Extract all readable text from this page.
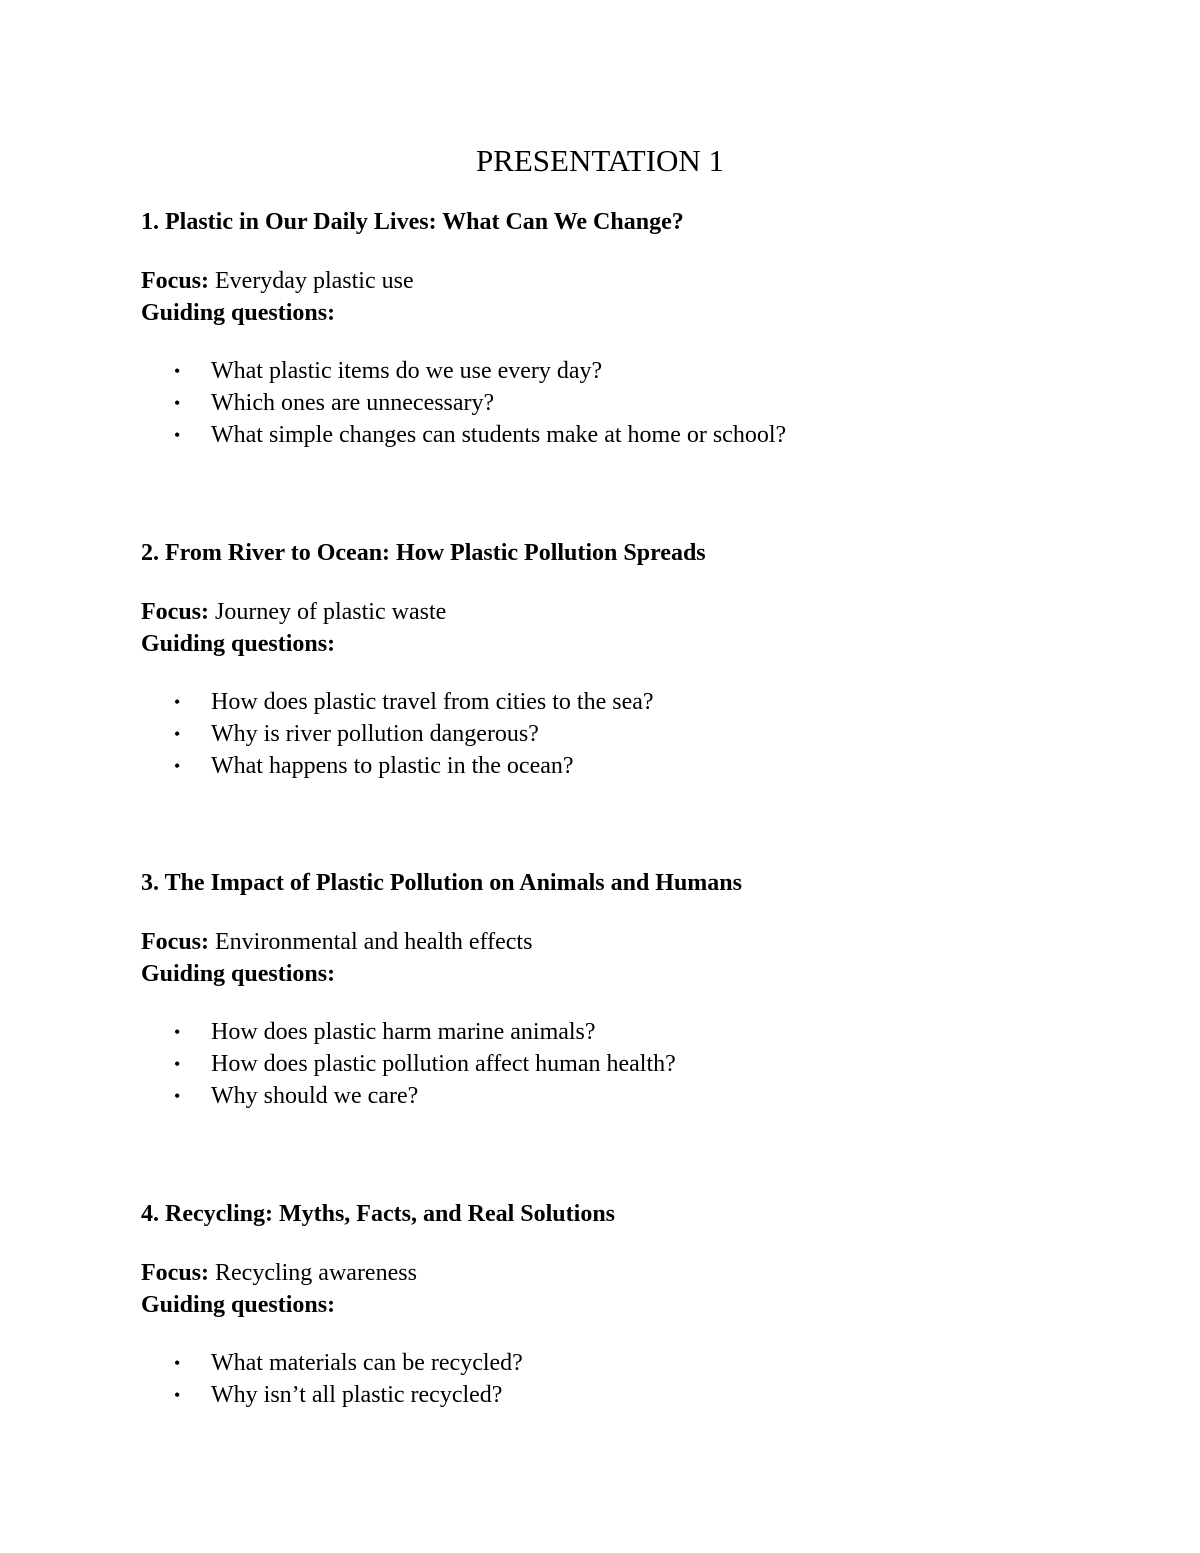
PRESENTATION 1

1. Plastic in Our Daily Lives: What Can We Change?

Focus: Everyday plastic use

Guiding questions:

• What plastic items do we use every day?
• Which ones are unnecessary?
• What simple changes can students make at home or school?

2. From River to Ocean: How Plastic Pollution Spreads

Focus: Journey of plastic waste

Guiding questions:

• How does plastic travel from cities to the sea?
• Why is river pollution dangerous?
• What happens to plastic in the ocean?

3. The Impact of Plastic Pollution on Animals and Humans

Focus: Environmental and health effects

Guiding questions:

• How does plastic harm marine animals?
• How does plastic pollution affect human health?
• Why should we care?

4. Recycling: Myths, Facts, and Real Solutions

Focus: Recycling awareness

Guiding questions:

• What materials can be recycled?
• Why isn’t all plastic recycled?
